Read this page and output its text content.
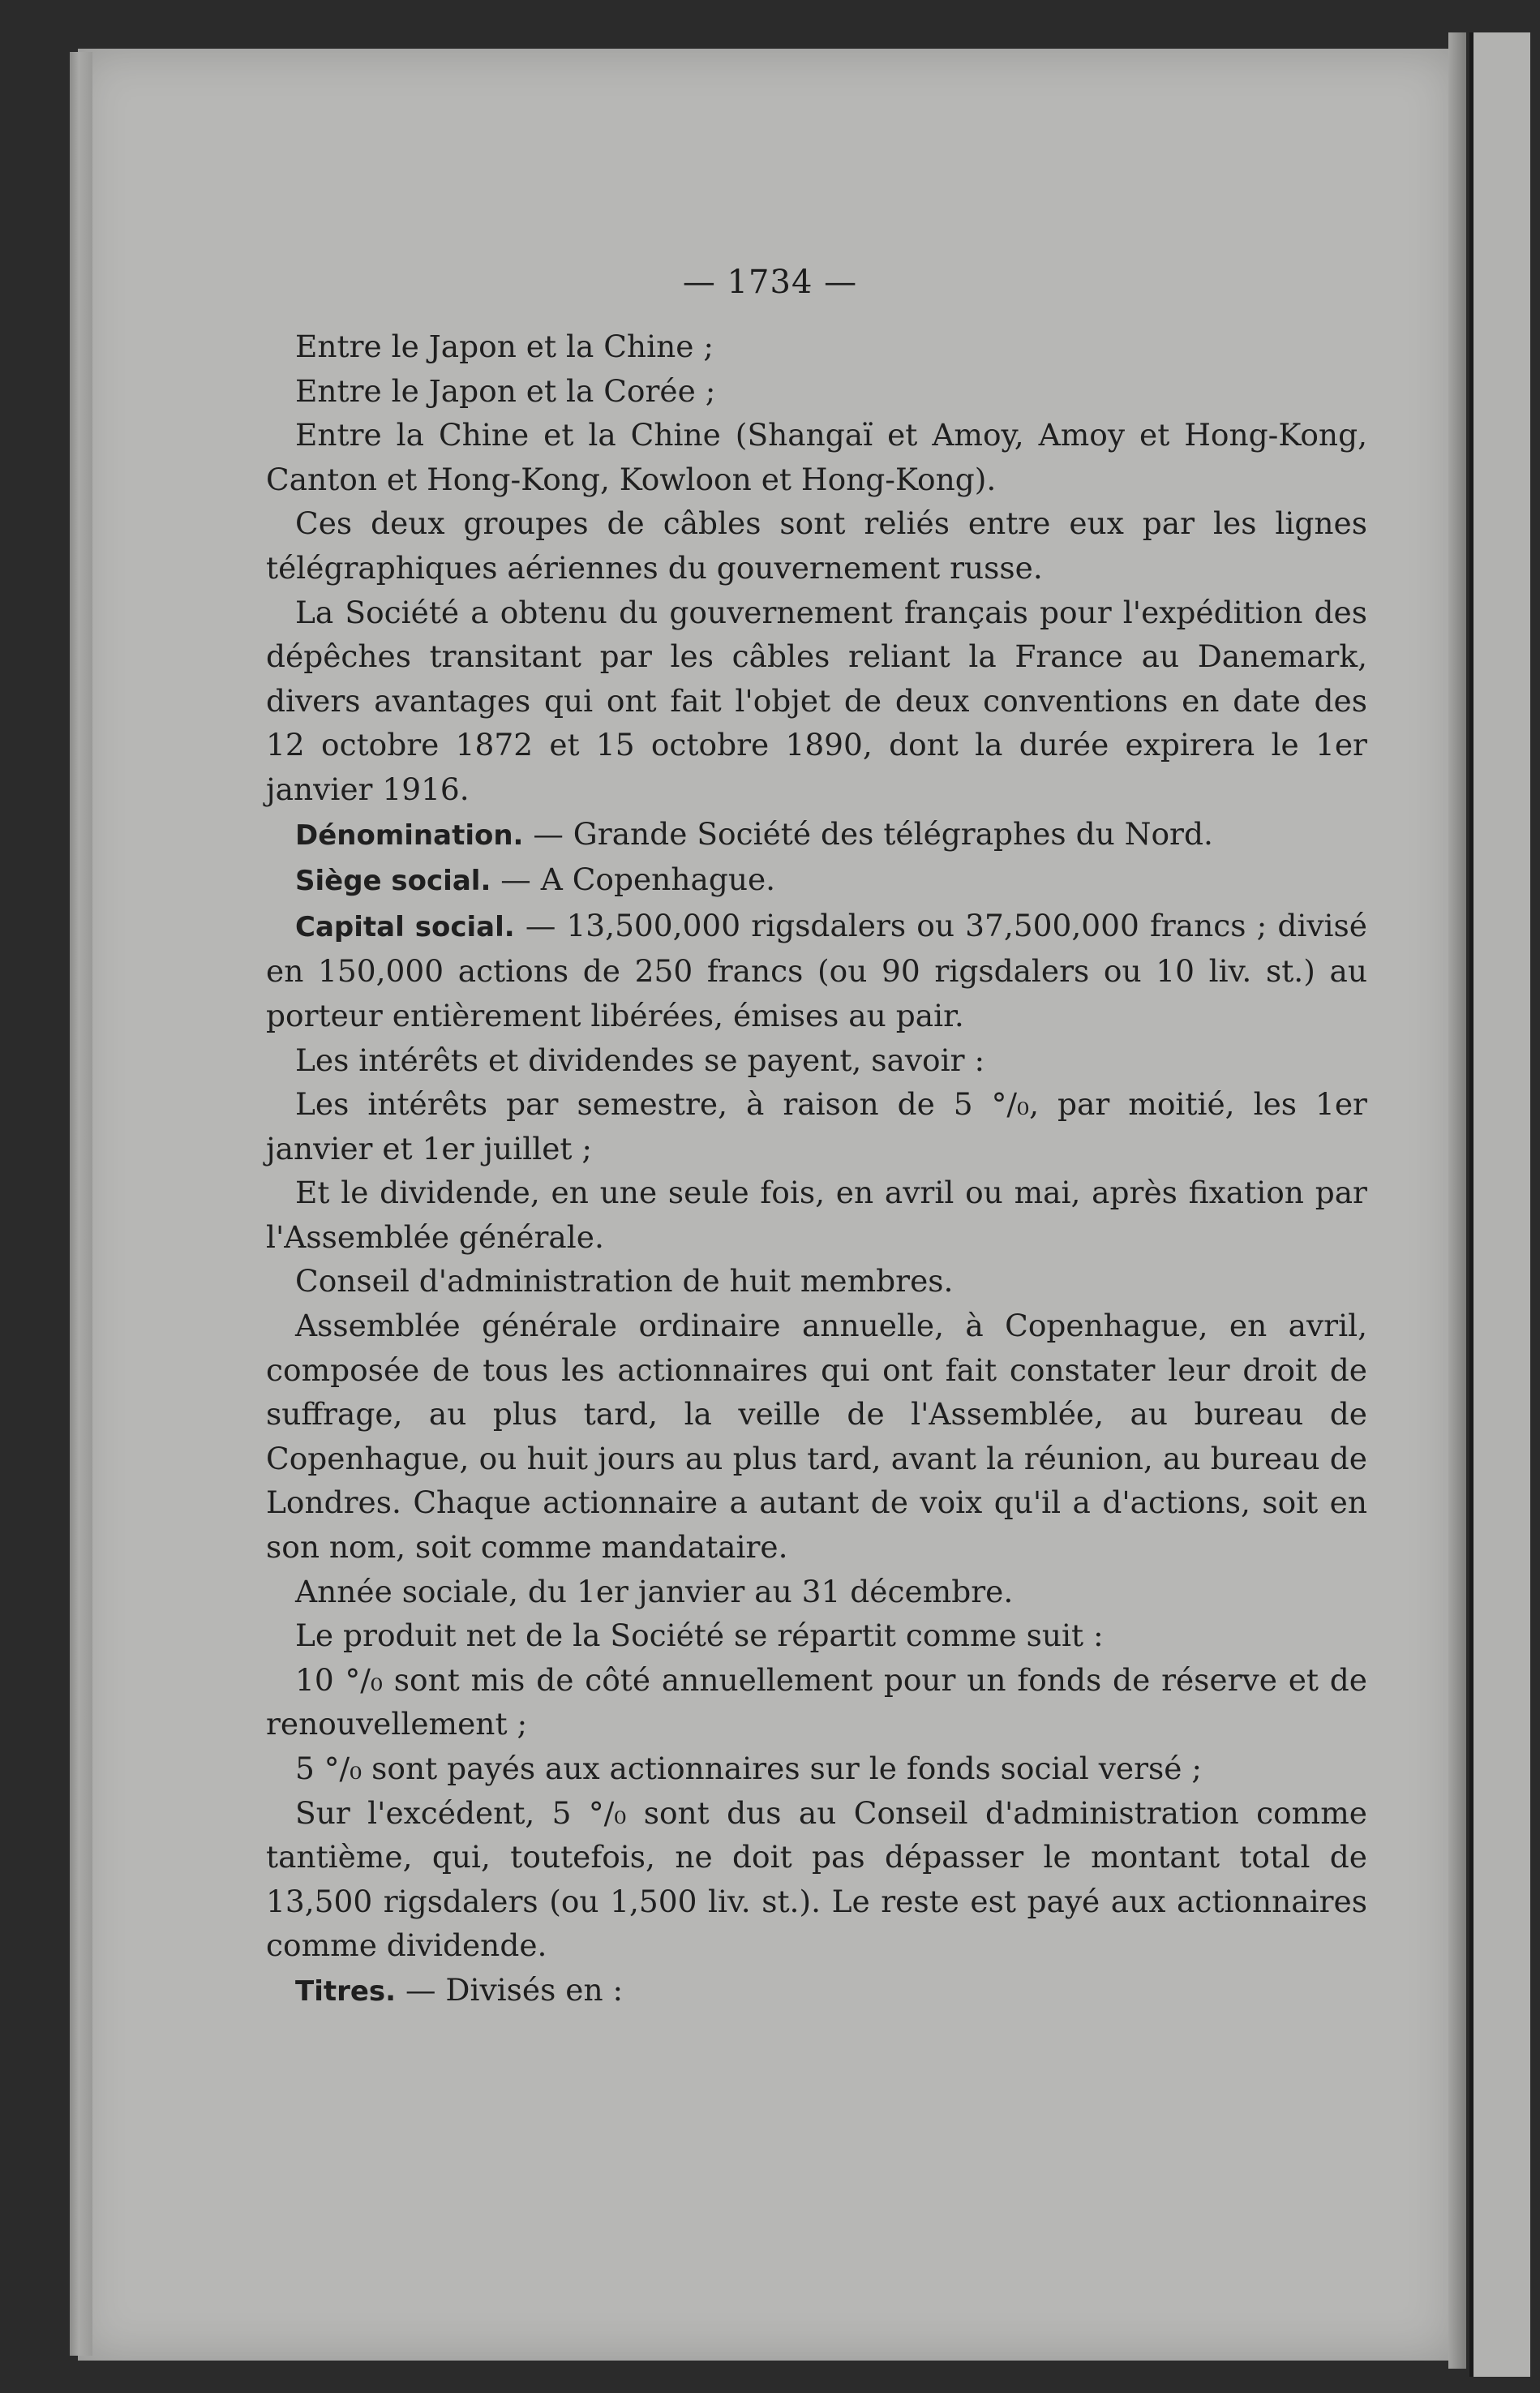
— 1734 —

Entre le Japon et la Chine ;

Entre le Japon et la Corée ;

Entre la Chine et la Chine (Shangaï et Amoy, Amoy et Hong-Kong, Canton et Hong-Kong, Kowloon et Hong-Kong).

Ces deux groupes de câbles sont reliés entre eux par les lignes télégraphiques aériennes du gouvernement russe.

La Société a obtenu du gouvernement français pour l'expédition des dépêches transitant par les câbles reliant la France au Danemark, divers avantages qui ont fait l'objet de deux conventions en date des 12 octobre 1872 et 15 octobre 1890, dont la durée expirera le 1er janvier 1916.

Dénomination. — Grande Société des télégraphes du Nord.

Siège social. — A Copenhague.

Capital social. — 13,500,000 rigsdalers ou 37,500,000 francs ; divisé en 150,000 actions de 250 francs (ou 90 rigsdalers ou 10 liv. st.) au porteur entièrement libérées, émises au pair.

Les intérêts et dividendes se payent, savoir :

Les intérêts par semestre, à raison de 5 °/₀, par moitié, les 1er janvier et 1er juillet ;

Et le dividende, en une seule fois, en avril ou mai, après fixation par l'Assemblée générale.

Conseil d'administration de huit membres.

Assemblée générale ordinaire annuelle, à Copenhague, en avril, composée de tous les actionnaires qui ont fait constater leur droit de suffrage, au plus tard, la veille de l'Assemblée, au bureau de Copenhague, ou huit jours au plus tard, avant la réunion, au bureau de Londres. Chaque actionnaire a autant de voix qu'il a d'actions, soit en son nom, soit comme mandataire.

Année sociale, du 1er janvier au 31 décembre.

Le produit net de la Société se répartit comme suit :

10 °/₀ sont mis de côté annuellement pour un fonds de réserve et de renouvellement ;

5 °/₀ sont payés aux actionnaires sur le fonds social versé ;

Sur l'excédent, 5 °/₀ sont dus au Conseil d'administration comme tantième, qui, toutefois, ne doit pas dépasser le montant total de 13,500 rigsdalers (ou 1,500 liv. st.). Le reste est payé aux actionnaires comme dividende.

Titres. — Divisés en :
